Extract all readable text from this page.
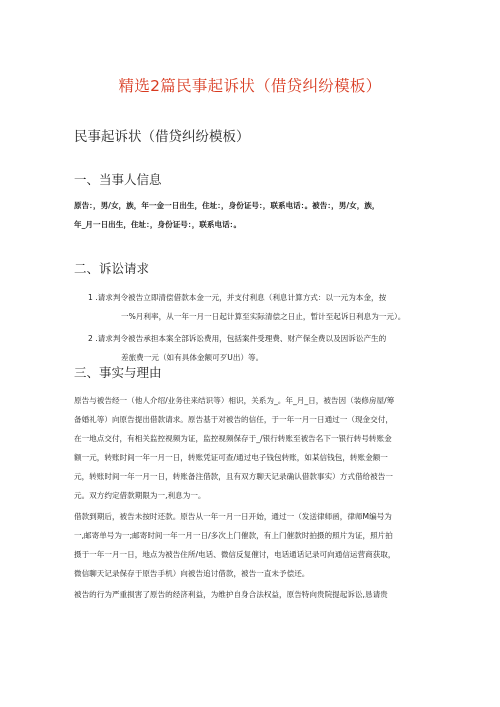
精选2篇民事起诉状（借贷纠纷模板）
民事起诉状（借贷纠纷模板）
一、当事人信息
原告：，男/女，族，年一金一日出生，住址：，身份证号：，联系电话：。被告：，男/女，族，
年_月一日出生，住址：，身份证号：，联系电话：。
二、诉讼请求
1 .请求判令被告立即清偿借款本金一元，并支付利息（利息计算方式：以一元为本金，按
一%月利率，从一年一月一日起计算至实际清偿之日止，暂计至起诉日利息为一元）。
2 .请求判令被告承担本案全部诉讼费用，包括案件受理费、财产保全费以及因诉讼产生的
差旅费一元（如有具体金额可歹U出）等。
三、事实与理由
原告与被告经一（他人介绍/业务往来结识等）相识，关系为_。年_月_日，被告因（装修房屋/筹
备婚礼等）向原告提出借款请求。原告基于对被告的信任，于一年一月一日通过一（现金交付，
在一地点交付，有相关监控视频为证，监控视频保存于_/银行转账至被告名下一银行转号转账金
额一元，转账时间一年一月一日，转账凭证可查/通过电子钱包转账，如某信钱包，转账金额一
元，转账时间一年一月一日，转账备注借款，且有双方聊天记录确认借款事实）方式借给被告一
元。双方约定借款期限为一,利息为一。
借款到期后，被告未按时还款。原告从一年一月一日开始，通过一（发送律师函，律师M编号为
一,邮寄单号为一;邮寄时间一年一月一日/多次上门催款，有上门催款时拍摄的照片为证，照片拍
摄于一年一月一日，地点为被告住所/电话、微信反复催讨，电话通话记录可向通信运营商获取，
微信聊天记录保存于原告手机）向被告追讨借款，被告一直未予偿还。
被告的行为严重损害了原告的经济利益，为维护自身合法权益，原告特向贵院提起诉讼,恳请贵
